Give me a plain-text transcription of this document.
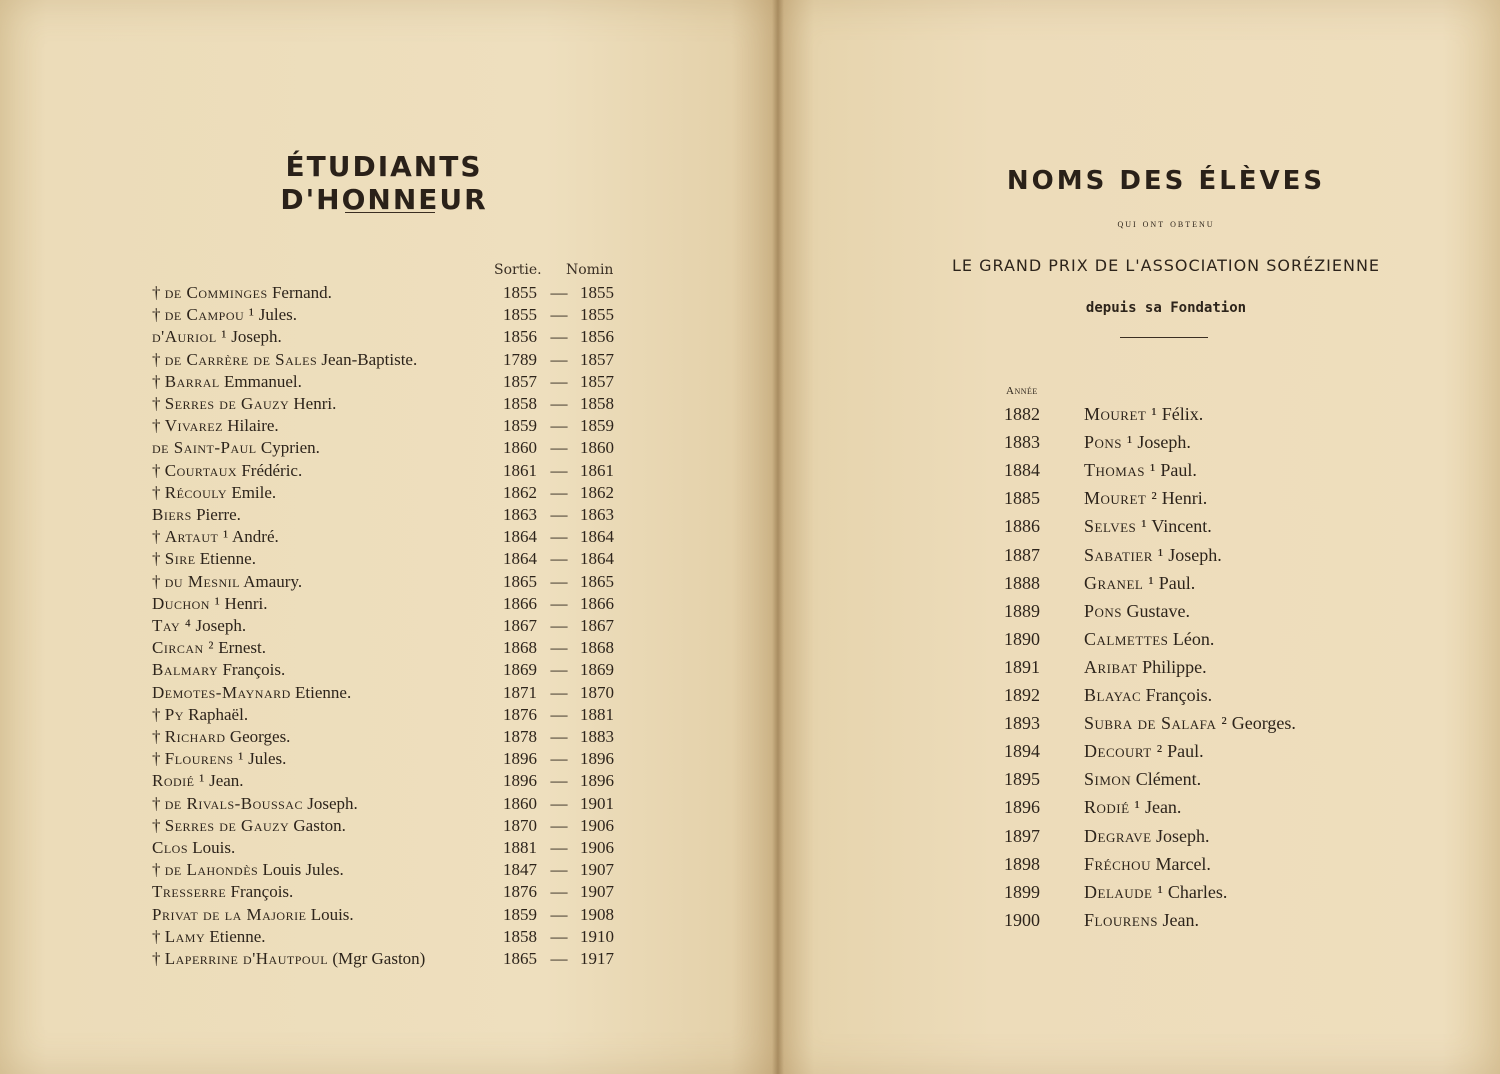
ÉTUDIANTS D'HONNEUR
Sortie. Nomin
† de Comminges Fernand.	1855 — 1855
† de Campou ¹ Jules.	1855 — 1855
d'Auriol ¹ Joseph.	1856 — 1856
† de Carrère de Sales Jean-Baptiste.	1789 — 1857
† Barral Emmanuel.	1857 — 1857
† Serres de Gauzy Henri.	1858 — 1858
† Vivarez Hilaire.	1859 — 1859
de Saint-Paul Cyprien.	1860 — 1860
† Courtaux Frédéric.	1861 — 1861
† Récouly Emile.	1862 — 1862
Biers Pierre.	1863 — 1863
† Artaut ¹ André.	1864 — 1864
† Sire Etienne.	1864 — 1864
† du Mesnil Amaury.	1865 — 1865
Duchon ¹ Henri.	1866 — 1866
Tay ⁴ Joseph.	1867 — 1867
Circan ² Ernest.	1868 — 1868
Balmary François.	1869 — 1869
Demotes-Maynard Etienne.	1871 — 1870
† Py Raphaël.	1876 — 1881
† Richard Georges.	1878 — 1883
† Flourens ¹ Jules.	1896 — 1896
Rodié ¹ Jean.	1896 — 1896
† de Rivals-Boussac Joseph.	1860 — 1901
† Serres de Gauzy Gaston.	1870 — 1906
Clos Louis.	1881 — 1906
† de Lahondès Louis Jules.	1847 — 1907
Tresserre François.	1876 — 1907
Privat de la Majorie Louis.	1859 — 1908
† Lamy Etienne.	1858 — 1910
† Laperrine d'Hautpoul (Mgr Gaston)	1865 — 1917
NOMS DES ÉLÈVES
qui ont obtenu
LE GRAND PRIX DE L'ASSOCIATION SORÉZIENNE
depuis sa Fondation
Année
1882 Mouret ¹ Félix.
1883 Pons ¹ Joseph.
1884 Thomas ¹ Paul.
1885 Mouret ² Henri.
1886 Selves ¹ Vincent.
1887 Sabatier ¹ Joseph.
1888 Granel ¹ Paul.
1889 Pons Gustave.
1890 Calmettes Léon.
1891 Aribat Philippe.
1892 Blayac François.
1893 Subra de Salafa ² Georges.
1894 Decourt ² Paul.
1895 Simon Clément.
1896 Rodié ¹ Jean.
1897 Degrave Joseph.
1898 Fréchou Marcel.
1899 Delaude ¹ Charles.
1900 Flourens Jean.
